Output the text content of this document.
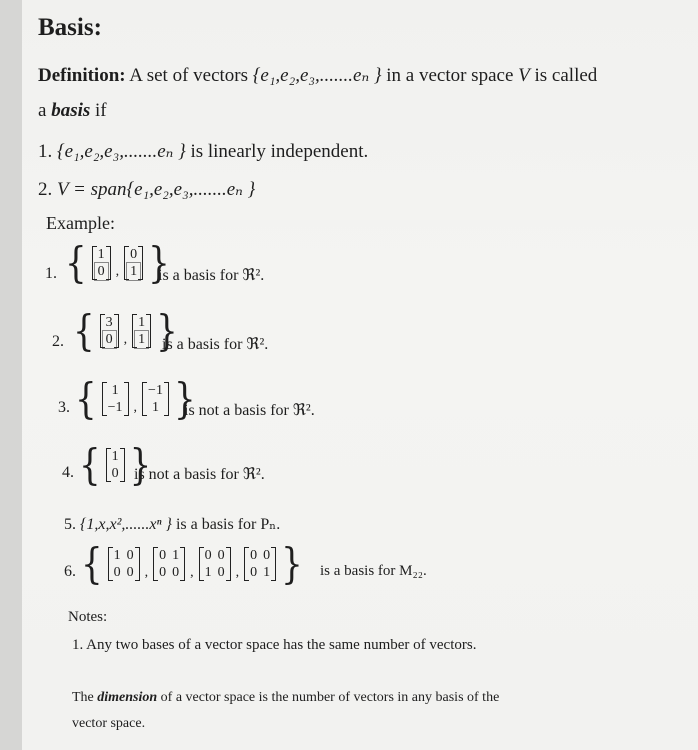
Basis:
Definition: A set of vectors {e₁,e₂,e₃,.......eₙ } in a vector space V is called
a basis if
1. {e₁,e₂,e₃,.......eₙ } is linearly independent.
2. V = span{e₁,e₂,e₃,.......eₙ }
Example:
1. { 1
0 ,
0
1 }
is a basis for ℜ².
2. { 3
0 ,
1
1 }
is a basis for ℜ².
3. {	1
−1 ,
−1
1 }
is not a basis for ℜ².
4. { 1
0 }
is not a basis for ℜ².
5. {1,x,x²,......xⁿ } is a basis for Pₙ.
6. { 1 0
0 0 ,
0 1
0 0 ,
0 0
1 0 ,
0 0
0 1 } is a basis for M₂₂.
Notes:
1. Any two bases of a vector space has the same number of vectors.
The dimension of a vector space is the number of vectors in any basis of the
vector space.
